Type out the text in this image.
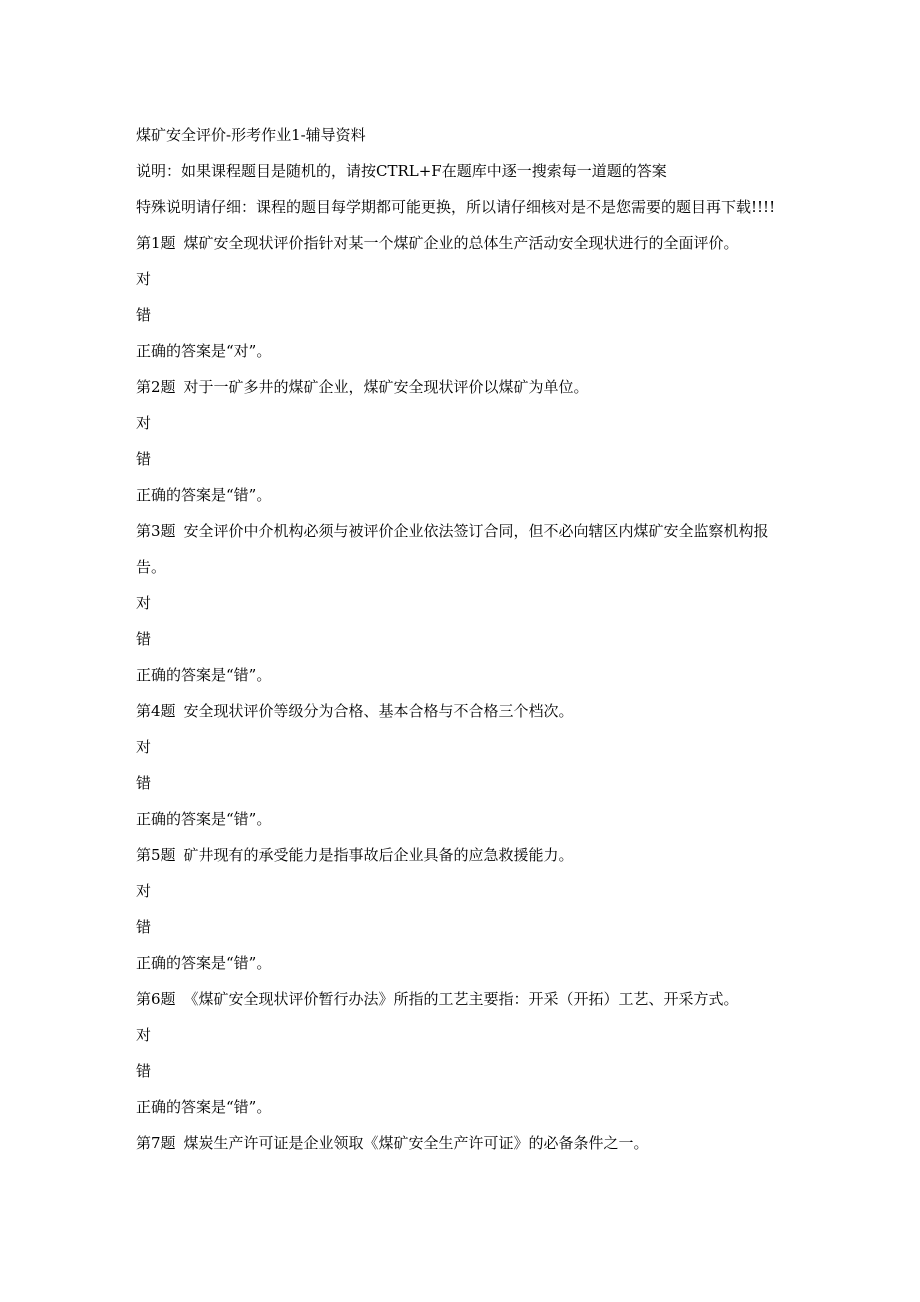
煤矿安全评价-形考作业1-辅导资料

说明：如果课程题目是随机的，请按CTRL+F在题库中逐一搜索每一道题的答案

特殊说明请仔细：课程的题目每学期都可能更换，所以请仔细核对是不是您需要的题目再下载!!!!

第1题 煤矿安全现状评价指针对某一个煤矿企业的总体生产活动安全现状进行的全面评价。

对

错

正确的答案是“对”。

第2题 对于一矿多井的煤矿企业，煤矿安全现状评价以煤矿为单位。

对

错

正确的答案是“错”。

第3题 安全评价中介机构必须与被评价企业依法签订合同，但不必向辖区内煤矿安全监察机构报告。

对

错

正确的答案是“错”。

第4题 安全现状评价等级分为合格、基本合格与不合格三个档次。

对

错

正确的答案是“错”。

第5题 矿井现有的承受能力是指事故后企业具备的应急救援能力。

对

错

正确的答案是“错”。

第6题 《煤矿安全现状评价暂行办法》所指的工艺主要指：开采（开拓）工艺、开采方式。

对

错

正确的答案是“错”。

第7题 煤炭生产许可证是企业领取《煤矿安全生产许可证》的必备条件之一。
